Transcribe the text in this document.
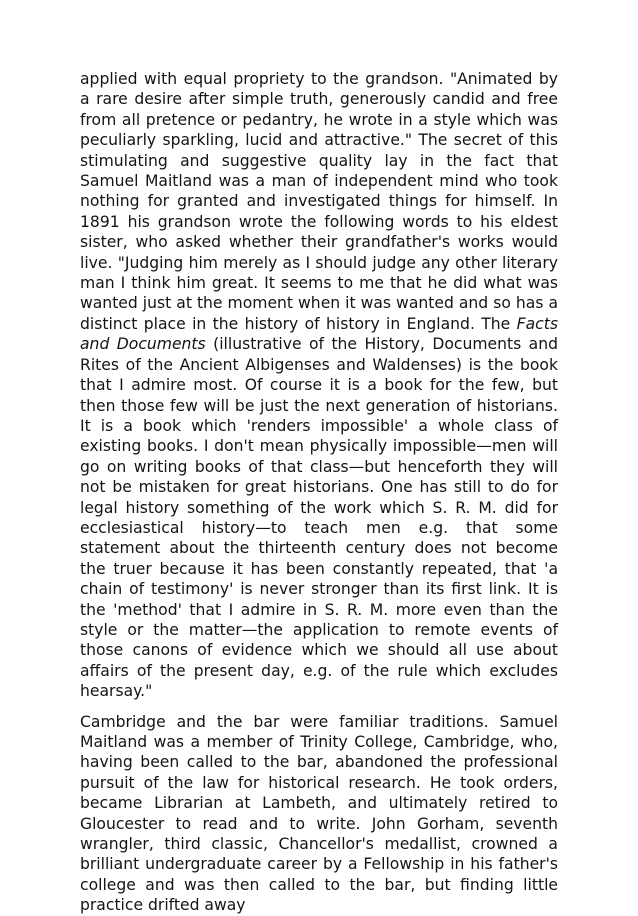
applied with equal propriety to the grandson. "Animated by a rare desire after simple truth, generously candid and free from all pretence or pedantry, he wrote in a style which was peculiarly sparkling, lucid and attractive." The secret of this stimulating and suggestive quality lay in the fact that Samuel Maitland was a man of independent mind who took nothing for granted and investigated things for himself. In 1891 his grandson wrote the following words to his eldest sister, who asked whether their grandfather's works would live. "Judging him merely as I should judge any other literary man I think him great. It seems to me that he did what was wanted just at the moment when it was wanted and so has a distinct place in the history of history in England. The Facts and Documents (illustrative of the History, Documents and Rites of the Ancient Albigenses and Waldenses) is the book that I admire most. Of course it is a book for the few, but then those few will be just the next generation of historians. It is a book which 'renders impossible' a whole class of existing books. I don't mean physically impossible—men will go on writing books of that class—but henceforth they will not be mistaken for great historians. One has still to do for legal history something of the work which S. R. M. did for ecclesiastical history—to teach men e.g. that some statement about the thirteenth century does not become the truer because it has been constantly repeated, that 'a chain of testimony' is never stronger than its first link. It is the 'method' that I admire in S. R. M. more even than the style or the matter—the application to remote events of those canons of evidence which we should all use about affairs of the present day, e.g. of the rule which excludes hearsay."

Cambridge and the bar were familiar traditions. Samuel Maitland was a member of Trinity College, Cambridge, who, having been called to the bar, abandoned the professional pursuit of the law for historical research. He took orders, became Librarian at Lambeth, and ultimately retired to Gloucester to read and to write. John Gorham, seventh wrangler, third classic, Chancellor's medallist, crowned a brilliant undergraduate career by a Fellowship in his father's college and was then called to the bar, but finding little practice drifted away
